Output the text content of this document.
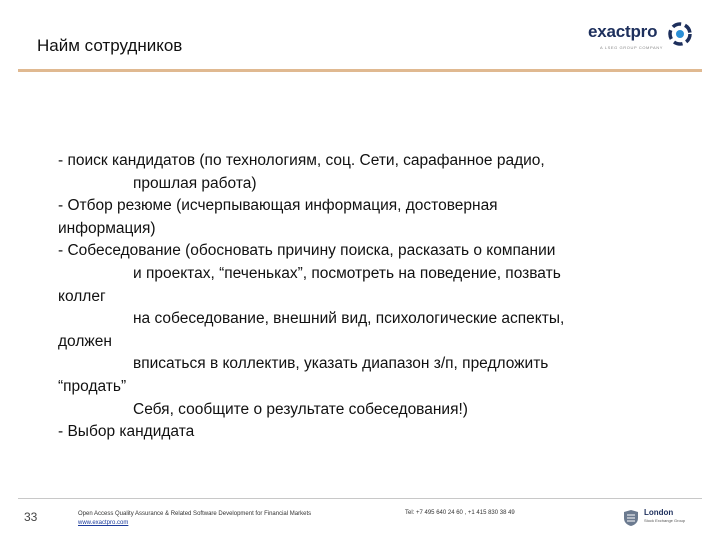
Найм сотрудников
exactpro
A LSEG GROUP COMPANY
- поиск кандидатов (по технологиям, соц. Сети, сарафанное радио,
прошлая работа)
- Отбор резюме (исчерпывающая информация, достоверная
информация)
- Собеседование (обосновать причину поиска, расказать о компании
и проектах, “печеньках”, посмотреть на поведение, позвать
коллег
на собеседование, внешний вид, психологические аспекты,
должен
вписаться в коллектив, указать диапазон з/п, предложить
“продать”
Себя, сообщите о результате собеседования!)
- Выбор кандидата
33	Open Access Quality Assurance & Related Software Development for Financial Markets
www.exactpro.com
Tel: +7 495 640 24 60 , +1 415 830 38 49	London
Stock Exchange Group
